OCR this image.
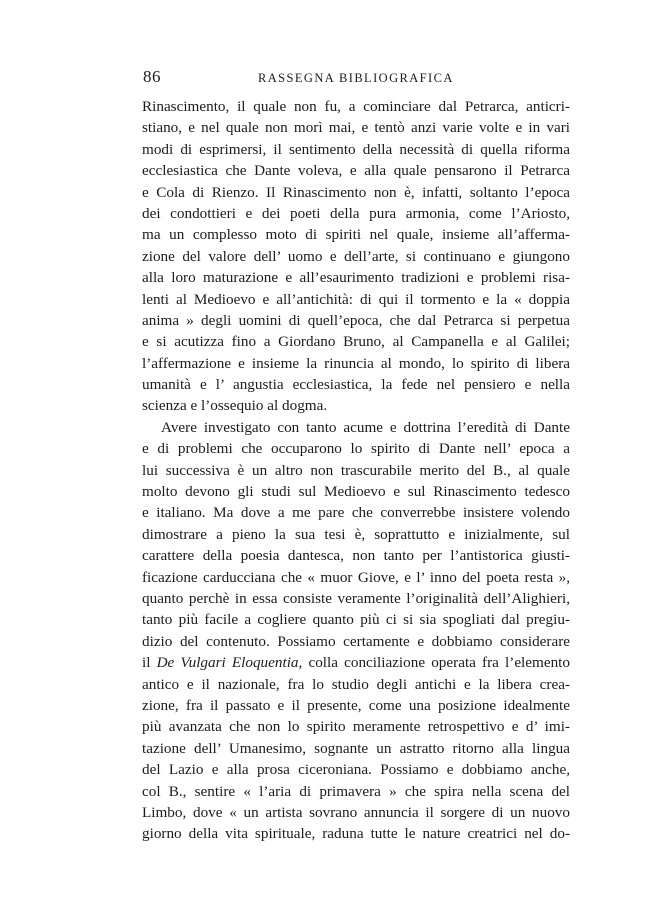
86	RASSEGNA BIBLIOGRAFICA
Rinascimento, il quale non fu, a cominciare dal Petrarca, anticri-
stiano, e nel quale non morì mai, e tentò anzi varie volte e in vari
modi di esprimersi, il sentimento della necessità di quella riforma
ecclesiastica che Dante voleva, e alla quale pensarono il Petrarca
e Cola di Rienzo. Il Rinascimento non è, infatti, soltanto l’epoca
dei condottieri e dei poeti della pura armonia, come l’Ariosto,
ma un complesso moto di spiriti nel quale, insieme all’afferma-
zione del valore dell’ uomo e dell’arte, si continuano e giungono
alla loro maturazione e all’esaurimento tradizioni e problemi risa-
lenti al Medioevo e all’antichità: di qui il tormento e la « doppia
anima » degli uomini di quell’epoca, che dal Petrarca si perpetua
e si acutizza fino a Giordano Bruno, al Campanella e al Galilei;
l’affermazione e insieme la rinuncia al mondo, lo spirito di libera
umanità e l’ angustia ecclesiastica, la fede nel pensiero e nella
scienza e l’ossequio al dogma.
Avere investigato con tanto acume e dottrina l’eredità di Dante
e di problemi che occuparono lo spirito di Dante nell’ epoca a
lui successiva è un altro non trascurabile merito del B., al quale
molto devono gli studi sul Medioevo e sul Rinascimento tedesco
e italiano. Ma dove a me pare che converrebbe insistere volendo
dimostrare a pieno la sua tesi è, soprattutto e inizialmente, sul
carattere della poesia dantesca, non tanto per l’antistorica giusti-
ficazione carducciana che « muor Giove, e l’ inno del poeta resta »,
quanto perchè in essa consiste veramente l’originalità dell’Alighieri,
tanto più facile a cogliere quanto più ci si sia spogliati dal pregiu-
dizio del contenuto. Possiamo certamente e dobbiamo considerare
il De Vulgari Eloquentia, colla conciliazione operata fra l’elemento
antico e il nazionale, fra lo studio degli antichi e la libera crea-
zione, fra il passato e il presente, come una posizione idealmente
più avanzata che non lo spirito meramente retrospettivo e d’ imi-
tazione dell’ Umanesimo, sognante un astratto ritorno alla lingua
del Lazio e alla prosa ciceroniana. Possiamo e dobbiamo anche,
col B., sentire « l’aria di primavera » che spira nella scena del
Limbo, dove « un artista sovrano annuncia il sorgere di un nuovo
giorno della vita spirituale, raduna tutte le nature creatrici nel do-
